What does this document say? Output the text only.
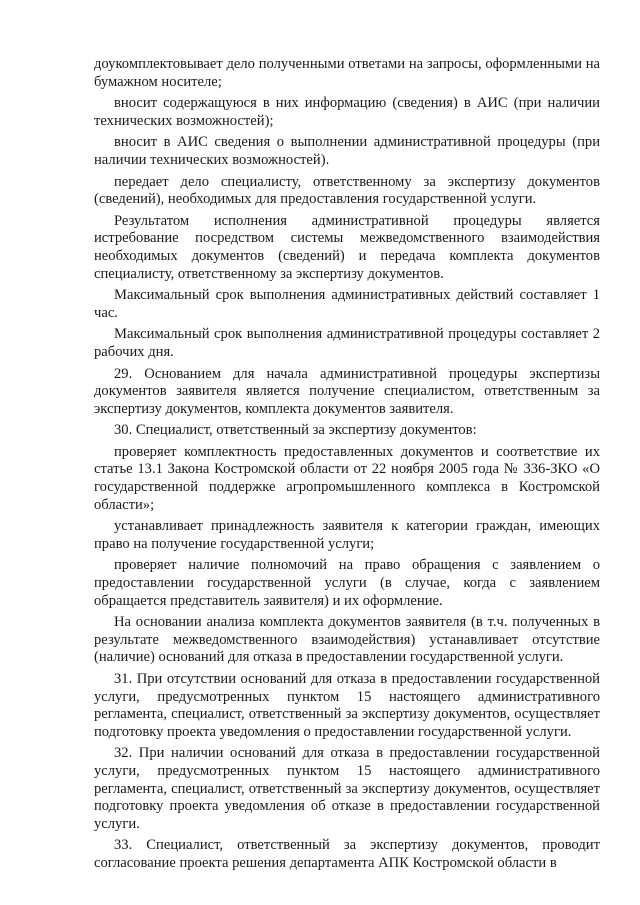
доукомплектовывает дело полученными ответами на запросы, оформленными на бумажном носителе;

вносит содержащуюся в них информацию (сведения) в АИС (при наличии технических возможностей);

вносит в АИС сведения о выполнении административной процедуры (при наличии технических возможностей).

передает дело специалисту, ответственному за экспертизу документов (сведений), необходимых для предоставления государственной услуги.

Результатом исполнения административной процедуры является истребование посредством системы межведомственного взаимодействия необходимых документов (сведений) и передача комплекта документов специалисту, ответственному за экспертизу документов.

Максимальный срок выполнения административных действий составляет 1 час.

Максимальный срок выполнения административной процедуры составляет 2 рабочих дня.

29. Основанием для начала административной процедуры экспертизы документов заявителя является получение специалистом, ответственным за экспертизу документов, комплекта документов заявителя.

30. Специалист, ответственный за экспертизу документов:

проверяет комплектность предоставленных документов и соответствие их статье 13.1 Закона Костромской области от 22 ноября 2005 года № 336-ЗКО «О государственной поддержке агропромышленного комплекса в Костромской области»;

устанавливает принадлежность заявителя к категории граждан, имеющих право на получение государственной услуги;

проверяет наличие полномочий на право обращения с заявлением о предоставлении государственной услуги (в случае, когда с заявлением обращается представитель заявителя) и их оформление.

На основании анализа комплекта документов заявителя (в т.ч. полученных в результате межведомственного взаимодействия) устанавливает отсутствие (наличие) оснований для отказа в предоставлении государственной услуги.

31. При отсутствии оснований для отказа в предоставлении государственной услуги, предусмотренных пунктом 15 настоящего административного регламента, специалист, ответственный за экспертизу документов, осуществляет подготовку проекта уведомления о предоставлении государственной услуги.

32. При наличии оснований для отказа в предоставлении государственной услуги, предусмотренных пунктом 15 настоящего административного регламента, специалист, ответственный за экспертизу документов, осуществляет подготовку проекта уведомления об отказе в предоставлении государственной услуги.

33. Специалист, ответственный за экспертизу документов, проводит согласование проекта решения департамента АПК Костромской области в
